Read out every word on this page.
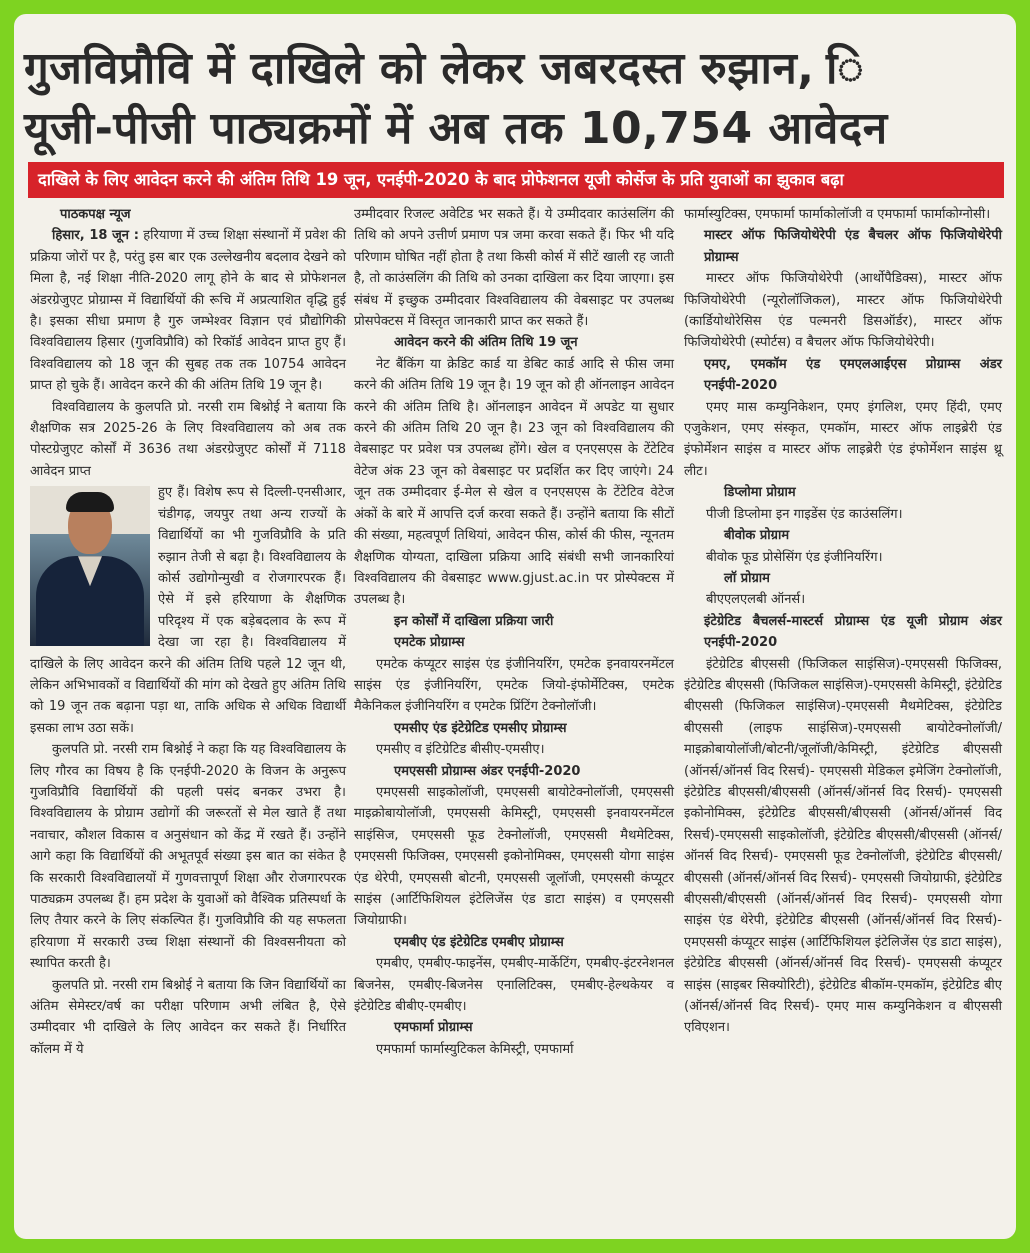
गुजविप्रौवि में दाखिले को लेकर जबरदस्त रुझान, ि
यूजी-पीजी पाठ्यक्रमों में अब तक 10,754 आवेदन
दाखिले के लिए आवेदन करने की अंतिम तिथि 19 जून, एनईपी-2020 के बाद प्रोफेशनल यूजी कोर्सेज के प्रति युवाओं का झुकाव बढ़ा

पाठकपक्ष न्यूज

हिसार, 18 जून : हरियाणा में उच्च शिक्षा संस्थानों में प्रवेश की प्रक्रिया जोरों पर है, परंतु इस बार एक उल्लेखनीय बदलाव देखने को मिला है, नई शिक्षा नीति-2020 लागू होने के बाद से प्रोफेशनल अंडरग्रेजुएट प्रोग्राम्स में विद्यार्थियों की रूचि में अप्रत्याशित वृद्धि हुई है। इसका सीधा प्रमाण है गुरु जम्भेश्वर विज्ञान एवं प्रौद्योगिकी विश्वविद्यालय हिसार (गुजविप्रौवि) को रिकॉर्ड आवेदन प्राप्त हुए हैं। विश्वविद्यालय को 18 जून की सुबह तक तक 10754 आवेदन प्राप्त हो चुके हैं। आवेदन करने की की अंतिम तिथि 19 जून है।

विश्वविद्यालय के कुलपति प्रो. नरसी राम बिश्नोई ने बताया कि शैक्षणिक सत्र 2025-26 के लिए विश्वविद्यालय को अब तक पोस्टग्रेजुएट कोर्सों में 3636 तथा अंडरग्रेजुएट कोर्सों में 7118 आवेदन प्राप्त

हुए हैं। विशेष रूप से दिल्ली-एनसीआर, चंडीगढ़, जयपुर तथा अन्य राज्यों के विद्यार्थियों का भी गुजविप्रौवि के प्रति रुझान तेजी से बढ़ा है। विश्वविद्यालय के कोर्स उद्योगोन्मुखी व रोजगारपरक हैं। ऐसे में इसे हरियाणा के शैक्षणिक परिदृश्य में एक बड़ेबदलाव के रूप में देखा जा रहा है। विश्वविद्यालय में दाखिले के लिए आवेदन करने की अंतिम तिथि पहले 12 जून थी, लेकिन अभिभावकों व विद्यार्थियों की मांग को देखते हुए अंतिम तिथि को 19 जून तक बढ़ाना पड़ा था, ताकि अधिक से अधिक विद्यार्थी इसका लाभ उठा सकें।

कुलपति प्रो. नरसी राम बिश्नोई ने कहा कि यह विश्वविद्यालय के लिए गौरव का विषय है कि एनईपी-2020 के विजन के अनुरूप गुजविप्रौवि विद्यार्थियों की पहली पसंद बनकर उभरा है। विश्वविद्यालय के प्रोग्राम उद्योगों की जरूरतों से मेल खाते हैं तथा नवाचार, कौशल विकास व अनुसंधान को केंद्र में रखते हैं। उन्होंने आगे कहा कि विद्यार्थियों की अभूतपूर्व संख्या इस बात का संकेत है कि सरकारी विश्वविद्यालयों में गुणवत्तापूर्ण शिक्षा और रोजगारपरक पाठ्यक्रम उपलब्ध हैं। हम प्रदेश के युवाओं को वैश्विक प्रतिस्पर्धा के लिए तैयार करने के लिए संकल्पित हैं। गुजविप्रौवि की यह सफलता हरियाणा में सरकारी उच्च शिक्षा संस्थानों की विश्वसनीयता को स्थापित करती है।

कुलपति प्रो. नरसी राम बिश्नोई ने बताया कि जिन विद्यार्थियों का अंतिम सेमेस्टर/वर्ष का परीक्षा परिणाम अभी लंबित है, ऐसे उम्मीदवार भी दाखिले के लिए आवेदन कर सकते हैं। निर्धारित कॉलम में ये

उम्मीदवार रिजल्ट अवेटिड भर सकते हैं। ये उम्मीदवार काउंसलिंग की तिथि को अपने उत्तीर्ण प्रमाण पत्र जमा करवा सकते हैं। फिर भी यदि परिणाम घोषित नहीं होता है तथा किसी कोर्स में सीटें खाली रह जाती है, तो काउंसलिंग की तिथि को उनका दाखिला कर दिया जाएगा। इस संबंध में इच्छुक उम्मीदवार विश्वविद्यालय की वेबसाइट पर उपलब्ध प्रोसपेक्टस में विस्तृत जानकारी प्राप्त कर सकते हैं।

आवेदन करने की अंतिम तिथि 19 जून

नेट बैंकिंग या क्रेडिट कार्ड या डेबिट कार्ड आदि से फीस जमा करने की अंतिम तिथि 19 जून है। 19 जून को ही ऑनलाइन आवेदन करने की अंतिम तिथि है। ऑनलाइन आवेदन में अपडेट या सुधार करने की अंतिम तिथि 20 जून है। 23 जून को विश्वविद्यालय की वेबसाइट पर प्रवेश पत्र उपलब्ध होंगे। खेल व एनएसएस के टेंटेटिव वेटेज अंक 23 जून को वेबसाइट पर प्रदर्शित कर दिए जाएंगे। 24 जून तक उम्मीदवार ई-मेल से खेल व एनएसएस के टेंटेटिव वेटेज अंकों के बारे में आपत्ति दर्ज करवा सकते हैं। उन्होंने बताया कि सीटों की संख्या, महत्वपूर्ण तिथियां, आवेदन फीस, कोर्स की फीस, न्यूनतम शैक्षणिक योग्यता, दाखिला प्रक्रिया आदि संबंधी सभी जानकारियां विश्वविद्यालय की वेबसाइट www.gjust.ac.in पर प्रोस्पेक्टस में उपलब्ध है।

इन कोर्सों में दाखिला प्रक्रिया जारी

एमटेक प्रोग्राम्स

एमटेक कंप्यूटर साइंस एंड इंजीनियरिंग, एमटेक इनवायरनमेंटल साइंस एंड इंजीनियरिंग, एमटेक जियो-इंफोर्मेटिक्स, एमटेक मैकेनिकल इंजीनियरिंग व एमटेक प्रिंटिंग टेक्नोलॉजी।

एमसीए एंड इंटेग्रेटिड एमसीए प्रोग्राम्स

एमसीए व इंटिग्रेटिड बीसीए-एमसीए।

एमएससी प्रोग्राम्स अंडर एनईपी-2020

एमएससी साइकोलॉजी, एमएससी बायोटेक्नोलॉजी, एमएससी माइक्रोबायोलॉजी, एमएससी केमिस्ट्री, एमएससी इनवायरनमेंटल साइंसिज, एमएससी फूड टेक्नोलॉजी, एमएससी मैथमेटिक्स, एमएससी फिजिक्स, एमएससी इकोनोमिक्स, एमएससी योगा साइंस एंड थेरेपी, एमएससी बोटनी, एमएससी जूलॉजी, एमएससी कंप्यूटर साइंस (आर्टिफिशियल इंटेलिजेंस एंड डाटा साइंस) व एमएससी जियोग्राफी।

एमबीए एंड इंटेग्रेटिड एमबीए प्रोग्राम्स

एमबीए, एमबीए-फाइनेंस, एमबीए-मार्केटिंग, एमबीए-इंटरनेशनल बिजनेस, एमबीए-बिजनेस एनालिटिक्स, एमबीए-हेल्थकेयर व इंटेग्रेटिड बीबीए-एमबीए।

एमफार्मा प्रोग्राम्स

एमफार्मा फार्मास्युटिकल केमिस्ट्री, एमफार्मा

फार्मास्युटिक्स, एमफार्मा फार्माकोलॉजी व एमफार्मा फार्माकोग्नोसी।

मास्टर ऑफ फिजियोथेरेपी एंड बैचलर ऑफ फिजियोथेरेपी प्रोग्राम्स

मास्टर ऑफ फिजियोथेरेपी (आर्थोपैडिक्स), मास्टर ऑफ फिजियोथेरेपी (न्यूरोलॉजिकल), मास्टर ऑफ फिजियोथेरेपी (कार्डियोथोरेसिस एंड पल्मनरी डिसऑर्डर), मास्टर ऑफ फिजियोथेरेपी (स्पोर्टस) व बैचलर ऑफ फिजियोथेरेपी।

एमए, एमकॉम एंड एमएलआईएस प्रोग्राम्स अंडर एनईपी-2020

एमए मास कम्युनिकेशन, एमए इंगलिश, एमए हिंदी, एमए एजुकेशन, एमए संस्कृत, एमकॉम, मास्टर ऑफ लाइब्रेरी एंड इंफोर्मेशन साइंस व मास्टर ऑफ लाइब्रेरी एंड इंफोर्मेशन साइंस थ्रू लीट।

डिप्लोमा प्रोग्राम

पीजी डिप्लोमा इन गाइडेंस एंड काउंसलिंग।

बीवोक प्रोग्राम

बीवोक फूड प्रोसेसिंग एंड इंजीनियरिंग।

लॉ प्रोग्राम

बीएएलएलबी ऑनर्स।

इंटेग्रेटिड बैचलर्स-मास्टर्स प्रोग्राम्स एंड यूजी प्रोग्राम अंडर एनईपी-2020

इंटेग्रेटिड बीएससी (फिजिकल साइंसिज)-एमएससी फिजिक्स, इंटेग्रेटिड बीएससी (फिजिकल साइंसिज)-एमएससी केमिस्ट्री, इंटेग्रेटिड बीएससी (फिजिकल साइंसिज)-एमएससी मैथमेटिक्स, इंटेग्रेटिड बीएससी (लाइफ साइंसिज)-एमएससी बायोटेक्नोलॉजी/माइक्रोबायोलॉजी/बोटनी/जूलॉजी/केमिस्ट्री, इंटेग्रेटिड बीएससी (ऑनर्स/ऑनर्स विद रिसर्च)- एमएससी मेडिकल इमेजिंग टेक्नोलॉजी, इंटेग्रेटिड बीएससी/बीएससी (ऑनर्स/ऑनर्स विद रिसर्च)- एमएससी इकोनोमिक्स, इंटेग्रेटिड बीएससी/बीएससी (ऑनर्स/ऑनर्स विद रिसर्च)-एमएससी साइकोलॉजी, इंटेग्रेटिड बीएससी/बीएससी (ऑनर्स/ऑनर्स विद रिसर्च)- एमएससी फूड टेक्नोलॉजी, इंटेग्रेटिड बीएससी/बीएससी (ऑनर्स/ऑनर्स विद रिसर्च)- एमएससी जियोग्राफी, इंटेग्रेटिड बीएससी/बीएससी (ऑनर्स/ऑनर्स विद रिसर्च)- एमएससी योगा साइंस एंड थेरेपी, इंटेग्रेटिड बीएससी (ऑनर्स/ऑनर्स विद रिसर्च)- एमएससी कंप्यूटर साइंस (आर्टिफिशियल इंटेलिजेंस एंड डाटा साइंस), इंटेग्रेटिड बीएससी (ऑनर्स/ऑनर्स विद रिसर्च)- एमएससी कंप्यूटर साइंस (साइबर सिक्योरिटी), इंटेग्रेटिड बीकॉम-एमकॉम, इंटेग्रेटिड बीए (ऑनर्स/ऑनर्स विद रिसर्च)- एमए मास कम्युनिकेशन व बीएससी एविएशन।
